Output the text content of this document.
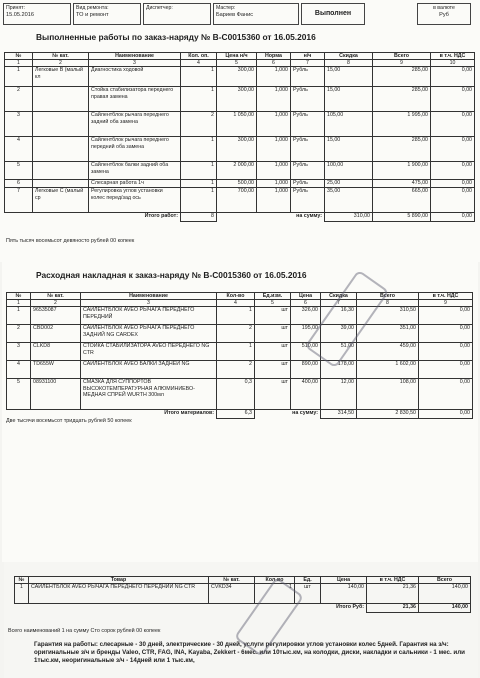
Принят:
15.05.2016
Вид ремонта:
ТО и ремонт
Диспетчер:	Мастер:
Бариев Фанис	Выполнен
в валюте
Руб
Выполненные работы по заказ-наряду № В-С0015360 от 16.05.2016
№	№ кат.	Наименование	Кол. оп.	Цена н/ч	Норма	н/ч	Скидка	Всего	в т.ч. НДС
1	2	3	4	5	6	7	8	9	10
1	Легковые В (малый кл	Диагностика ходовой	1	300,00	1,000	Рубль	15,00	285,00	0,00
2		Стойка стабилизатора переднего правая замена	1	300,00	1,000	Рубль	15,00	285,00	0,00
3		Сайлентблок рычага переднего задний оба замена	2	1 050,00	1,000	Рубль	105,00	1 995,00	0,00
4		Сайлентблок рычага переднего передний оба замена	1	300,00	1,000	Рубль	15,00	285,00	0,00
5		Сайлентблок балки задний оба замена	1	2 000,00	1,000	Рубль	100,00	1 900,00	0,00
6		Слесарная работа 1ч	1	500,00	1,000	Рубль	25,00	475,00	0,00
7	Легковые С (малый ср	Регулировка углов установки колес перед/зад ось	1	700,00	1,000	Рубль	35,00	665,00	0,00
Итого работ:			8	на сумму:			310,00	5 890,00	0,00
Пять тысяч восемьсот девяносто рублей 00 копеек
Расходная накладная к заказ-наряду № В-С0015360 от 16.05.2016
№	№ кат.	Наименование	Кол-во	Ед.изм.	Цена	Скидка	Всего	в т.ч. НДС
1	2	3	4	5	6	7	8	9
1	96535087	САЙЛЕНТБЛОК AVEO РЫЧАГА ПЕРЕДНЕГО ПЕРЕДНИЙ	1	шт	326,00	16,30	310,50	0,00
2	CBD002	САЙЛЕНТБЛОК AVEO РЫЧАГА ПЕРЕДНЕГО ЗАДНИЙ NG CARDEX	2	шт	195,00	39,00	351,00	0,00
3	CLKD8	СТОЙКА СТАБИЛИЗАТОРА AVEO ПЕРЕДНЕГО NG CTR	1	шт	510,00	51,00	459,00	0,00
4	TD655W	САЙЛЕНТБЛОК AVEO БАЛКИ ЗАДНЕЙ NG	2	шт	890,00	178,00	1 602,00	0,00
5	08931100	СМАЗКА ДЛЯ СУППОРТОВ ВЫСОКОТЕМПЕРАТУРНАЯ АЛЮМИНИЕВО-МЕДНАЯ СПРЕЙ WURTH 300мл	0,3	шт	400,00	12,00	108,00	0,00
Итого материалов:			6,3	на сумму:		314,50	2 830,50	0,00
Две тысячи восемьсот тридцать рублей 50 копеек
№	Товар	№ кат.	Кол-во	Ед.	Цена	в т.ч. НДС	Всего
1	САЙЛЕНТБЛОК AVEO РЫЧАГА ПЕРЕДНЕГО ПЕРЕДНИЙ NG CTR	CVKD34	1	шт	140,00	21,36	140,00
Итого Руб:						21,36	140,00
Всего наименований 1 на сумму Сто сорок рублей 00 копеек
Гарантия на работы: слесарные - 30 дней, электрические - 30 дней, услуги регулировки углов установки колес 5дней. Гарантия на з/ч: оригинальные з/ч и бренды Valeo, CTR, FAG, INA, Kayaba, Zekkert - 6мес. или 10тыс.км, на колодки, диски, накладки и сальники - 1 мес. или 1тыс.км, неоригинальные з/ч - 14дней или 1 тыс.км,
